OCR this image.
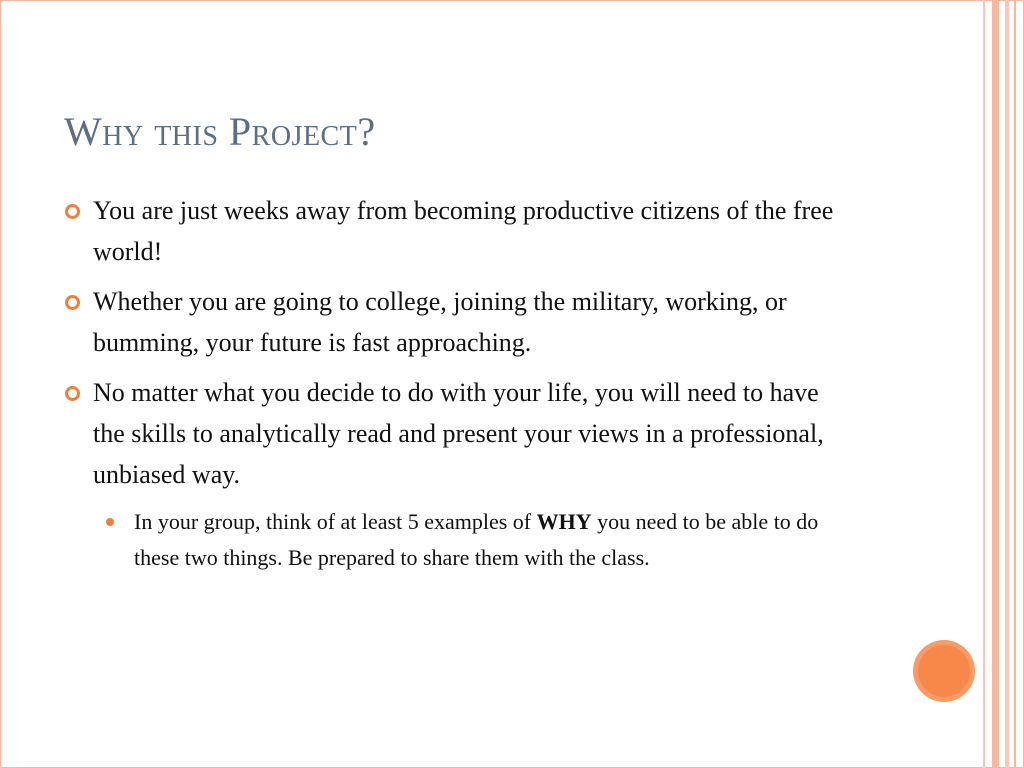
Why this Project?
You are just weeks away from becoming productive citizens of the free world!
Whether you are going to college, joining the military, working, or bumming, your future is fast approaching.
No matter what you decide to do with your life, you will need to have the skills to analytically read and present your views in a professional, unbiased way.
In your group, think of at least 5 examples of WHY you need to be able to do these two things. Be prepared to share them with the class.
